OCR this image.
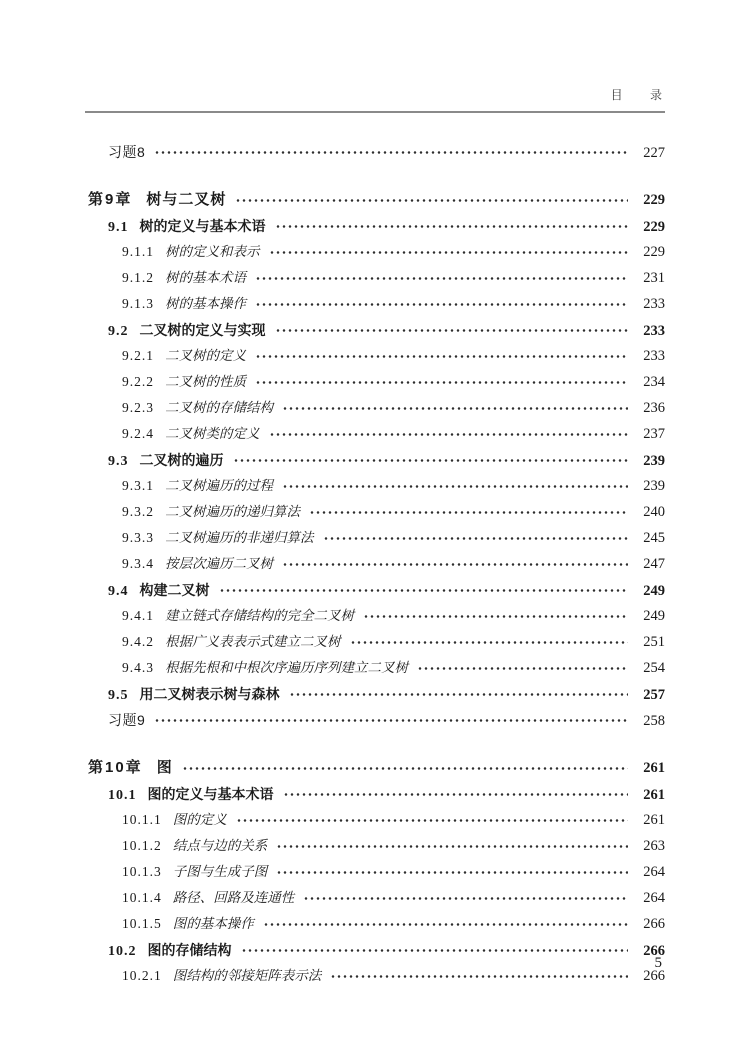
目 录
习题8	227
第9章 树与二叉树	229
9.1 树的定义与基本术语	229
9.1.1 树的定义和表示	229
9.1.2 树的基本术语	231
9.1.3 树的基本操作	233
9.2 二叉树的定义与实现	233
9.2.1 二叉树的定义	233
9.2.2 二叉树的性质	234
9.2.3 二叉树的存储结构	236
9.2.4 二叉树类的定义	237
9.3 二叉树的遍历	239
9.3.1 二叉树遍历的过程	239
9.3.2 二叉树遍历的递归算法	240
9.3.3 二叉树遍历的非递归算法	245
9.3.4 按层次遍历二叉树	247
9.4 构建二叉树	249
9.4.1 建立链式存储结构的完全二叉树	249
9.4.2 根据广义表表示式建立二叉树	251
9.4.3 根据先根和中根次序遍历序列建立二叉树	254
9.5 用二叉树表示树与森林	257
习题9	258
第10章 图	261
10.1 图的定义与基本术语	261
10.1.1 图的定义	261
10.1.2 结点与边的关系	263
10.1.3 子图与生成子图	264
10.1.4 路径、回路及连通性	264
10.1.5 图的基本操作	266
10.2 图的存储结构	266
10.2.1 图结构的邻接矩阵表示法	266
5
